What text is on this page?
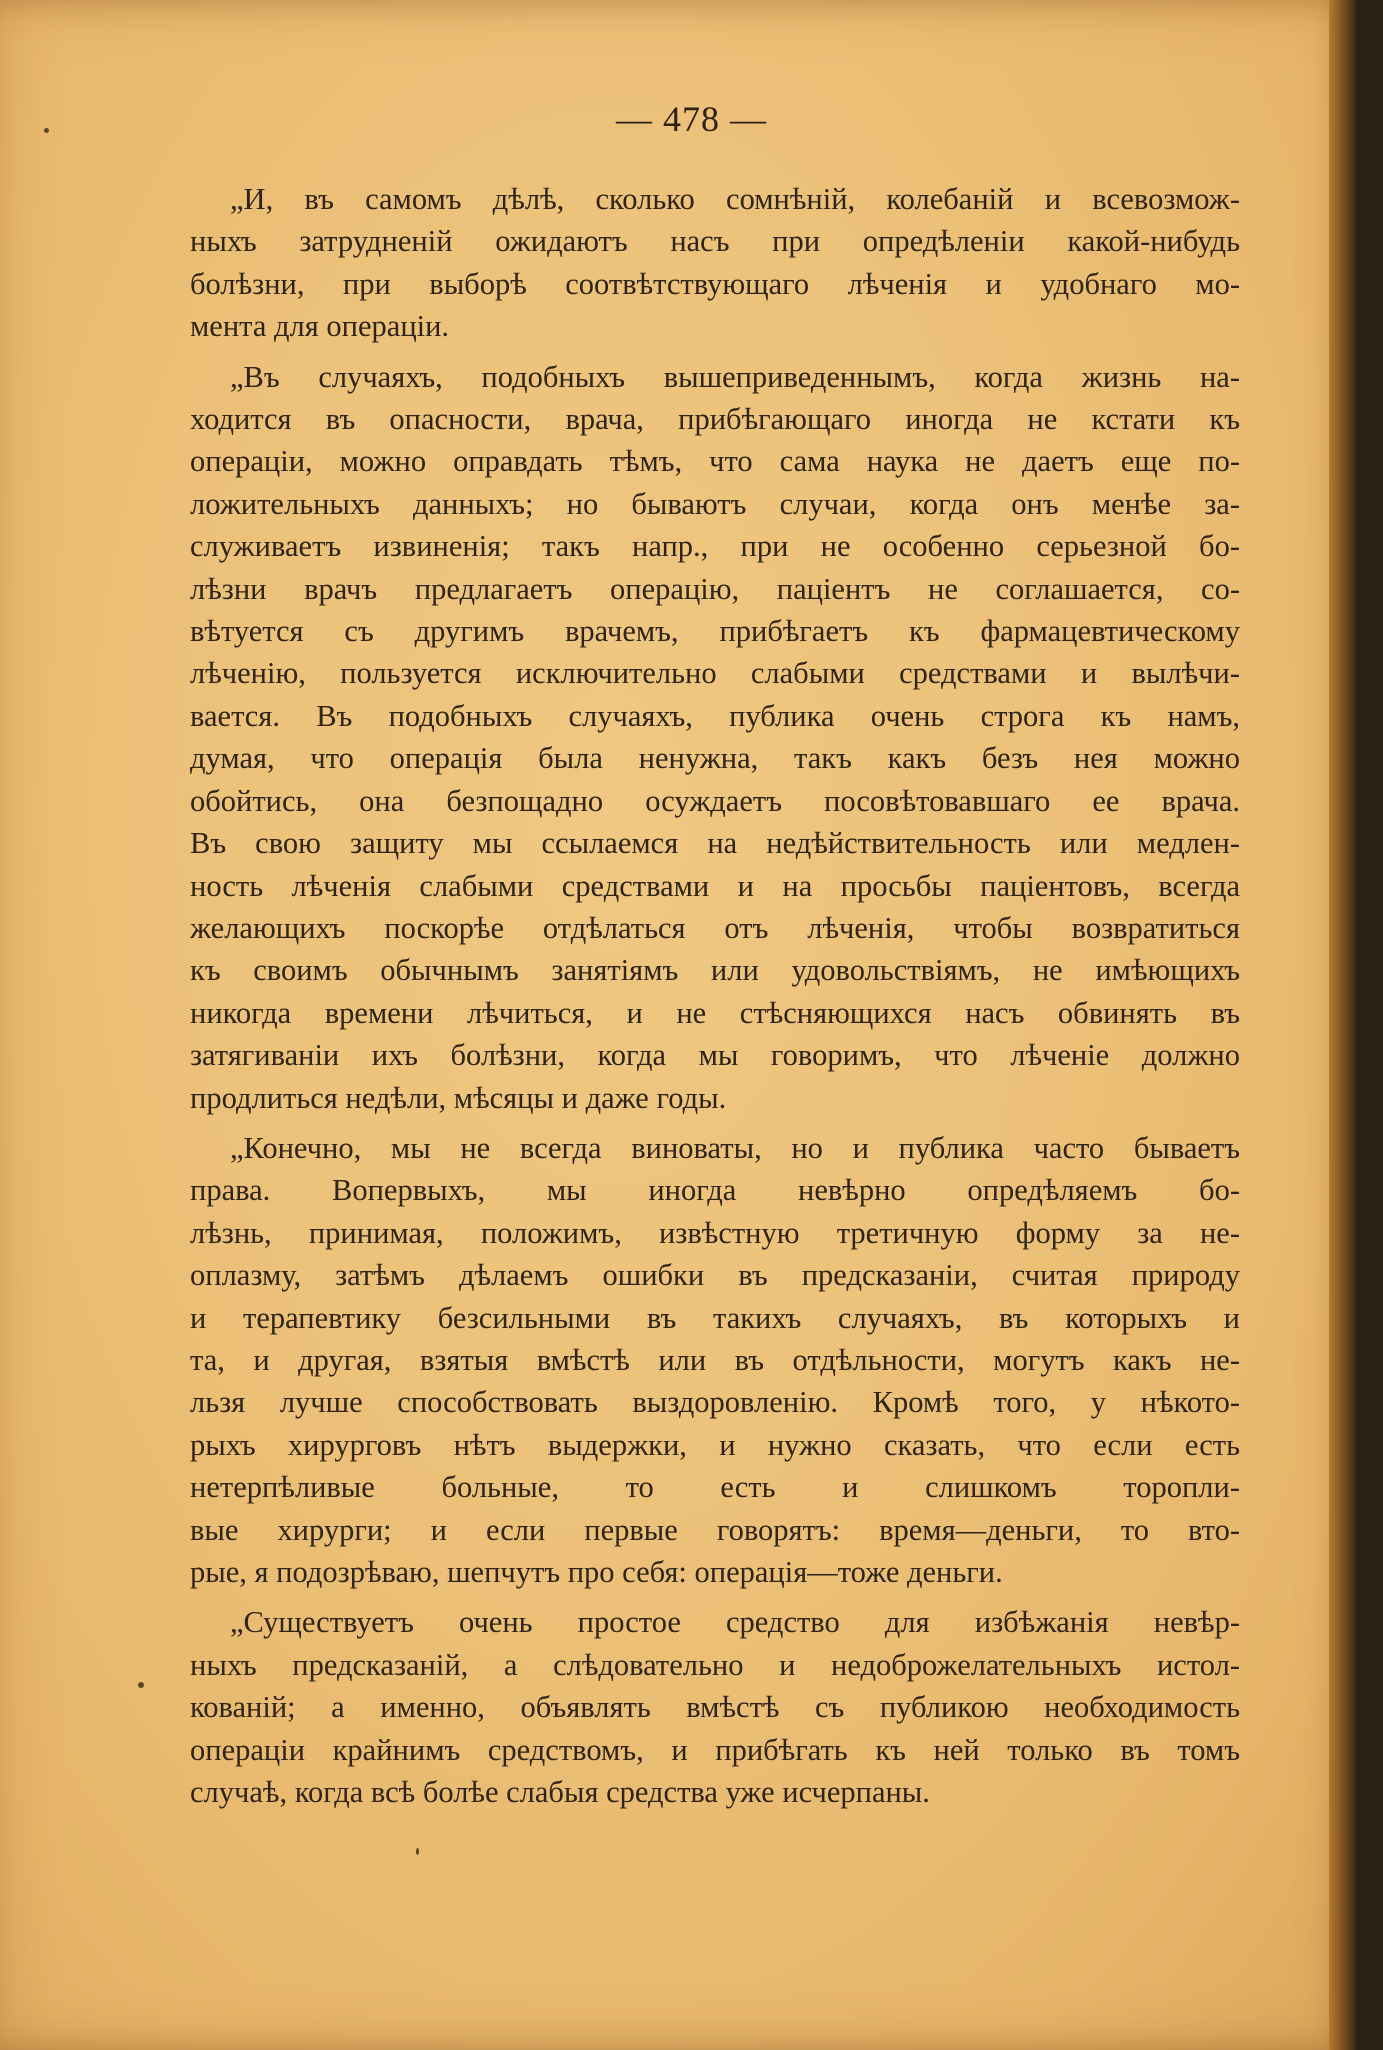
— 478 —
„И, въ самомъ дѣлѣ, сколько сомнѣній, колебаній и всевозмож-
ныхъ затрудненій ожидаютъ насъ при опредѣленіи какой-нибудь
болѣзни, при выборѣ соотвѣтствующаго лѣченія и удобнаго мо-
мента для операціи.
„Въ случаяхъ, подобныхъ вышеприведеннымъ, когда жизнь на-
ходится въ опасности, врача, прибѣгающаго иногда не кстати къ
операціи, можно оправдать тѣмъ, что сама наука не даетъ еще по-
ложительныхъ данныхъ; но бываютъ случаи, когда онъ менѣе за-
служиваетъ извиненія; такъ напр., при не особенно серьезной бо-
лѣзни врачъ предлагаетъ операцію, паціентъ не соглашается, со-
вѣтуется съ другимъ врачемъ, прибѣгаетъ къ фармацевтическому
лѣченію, пользуется исключительно слабыми средствами и вылѣчи-
вается. Въ подобныхъ случаяхъ, публика очень строга къ намъ,
думая, что операція была ненужна, такъ какъ безъ нея можно
обойтись, она безпощадно осуждаетъ посовѣтовавшаго ее врача.
Въ свою защиту мы ссылаемся на недѣйствительность или медлен-
ность лѣченія слабыми средствами и на просьбы паціентовъ, всегда
желающихъ поскорѣе отдѣлаться отъ лѣченія, чтобы возвратиться
къ своимъ обычнымъ занятіямъ или удовольствіямъ, не имѣющихъ
никогда времени лѣчиться, и не стѣсняющихся насъ обвинять въ
затягиваніи ихъ болѣзни, когда мы говоримъ, что лѣченіе должно
продлиться недѣли, мѣсяцы и даже годы.
„Конечно, мы не всегда виноваты, но и публика часто бываетъ
права. Вопервыхъ, мы иногда невѣрно опредѣляемъ бо-
лѣзнь, принимая, положимъ, извѣстную третичную форму за не-
оплазму, затѣмъ дѣлаемъ ошибки въ предсказаніи, считая природу
и терапевтику безсильными въ такихъ случаяхъ, въ которыхъ и
та, и другая, взятыя вмѣстѣ или въ отдѣльности, могутъ какъ не-
льзя лучше способствовать выздоровленію. Кромѣ того, у нѣкото-
рыхъ хирурговъ нѣтъ выдержки, и нужно сказать, что если есть
нетерпѣливые больные, то есть и слишкомъ торопли-
вые хирурги; и если первые говорятъ: время—деньги, то вто-
рые, я подозрѣваю, шепчутъ про себя: операція—тоже деньги.
„Существуетъ очень простое средство для избѣжанія невѣр-
ныхъ предсказаній, а слѣдовательно и недоброжелательныхъ истол-
кованій; а именно, объявлять вмѣстѣ съ публикою необходимость
операціи крайнимъ средствомъ, и прибѣгать къ ней только въ томъ
случаѣ, когда всѣ болѣе слабыя средства уже исчерпаны.
